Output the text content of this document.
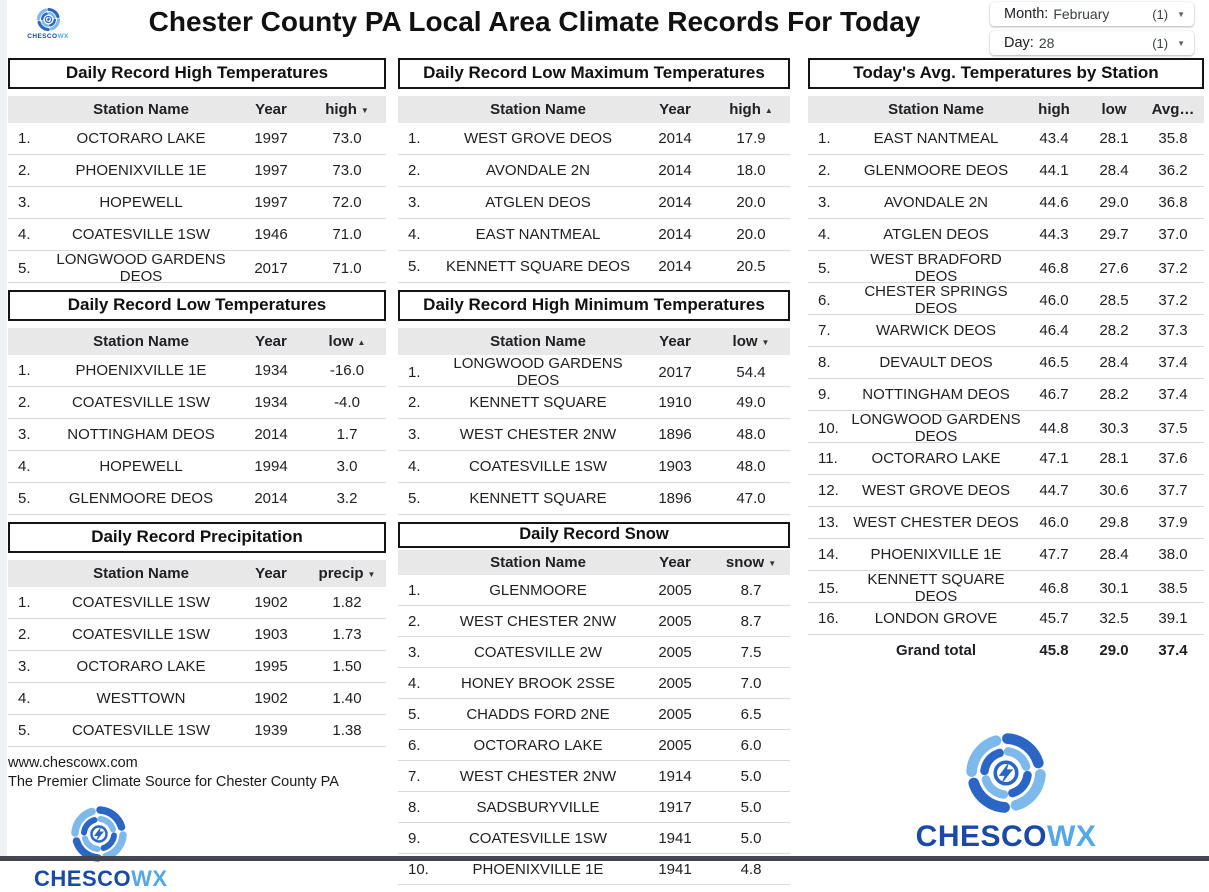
CHESCOWX	Chester County PA Local Area Climate Records For Today	Month: February	(1) ▼
Day: 28	(1) ▼
Daily Record High Temperatures
Station Name	Year	high ▼
1.	OCTORARO LAKE	1997	73.0
2.	PHOENIXVILLE 1E	1997	73.0
3.	HOPEWELL	1997	72.0
4.	COATESVILLE 1SW	1946	71.0
5.	LONGWOOD GARDENS DEOS	2017	71.0
Daily Record Low Temperatures
Station Name	Year	low ▲
1.	PHOENIXVILLE 1E	1934	-16.0
2.	COATESVILLE 1SW	1934	-4.0
3.	NOTTINGHAM DEOS	2014	1.7
4.	HOPEWELL	1994	3.0
5.	GLENMOORE DEOS	2014	3.2
Daily Record Precipitation
Station Name	Year	precip ▼
1.	COATESVILLE 1SW	1902	1.82
2.	COATESVILLE 1SW	1903	1.73
3.	OCTORARO LAKE	1995	1.50
4.	WESTTOWN	1902	1.40
5.	COATESVILLE 1SW	1939	1.38
www.chescowx.com
The Premier Climate Source for Chester County PA
CHESCOWX
Daily Record Low Maximum Temperatures
Station Name	Year	high ▲
1.	WEST GROVE DEOS	2014	17.9
2.	AVONDALE 2N	2014	18.0
3.	ATGLEN DEOS	2014	20.0
4.	EAST NANTMEAL	2014	20.0
5.	KENNETT SQUARE DEOS	2014	20.5
Daily Record High Minimum Temperatures
Station Name	Year	low ▼
1.	LONGWOOD GARDENS DEOS	2017	54.4
2.	KENNETT SQUARE	1910	49.0
3.	WEST CHESTER 2NW	1896	48.0
4.	COATESVILLE 1SW	1903	48.0
5.	KENNETT SQUARE	1896	47.0
Daily Record Snow
Station Name	Year	snow ▼
1.	GLENMOORE	2005	8.7
2.	WEST CHESTER 2NW	2005	8.7
3.	COATESVILLE 2W	2005	7.5
4.	HONEY BROOK 2SSE	2005	7.0
5.	CHADDS FORD 2NE	2005	6.5
6.	OCTORARO LAKE	2005	6.0
7.	WEST CHESTER 2NW	1914	5.0
8.	SADSBURYVILLE	1917	5.0
9.	COATESVILLE 1SW	1941	5.0
10.	PHOENIXVILLE 1E	1941	4.8
Today's Avg. Temperatures by Station
Station Name	high	low	Avg…
1.	EAST NANTMEAL	43.4	28.1	35.8
2.	GLENMOORE DEOS	44.1	28.4	36.2
3.	AVONDALE 2N	44.6	29.0	36.8
4.	ATGLEN DEOS	44.3	29.7	37.0
5.	WEST BRADFORD DEOS	46.8	27.6	37.2
6.	CHESTER SPRINGS DEOS	46.0	28.5	37.2
7.	WARWICK DEOS	46.4	28.2	37.3
8.	DEVAULT DEOS	46.5	28.4	37.4
9.	NOTTINGHAM DEOS	46.7	28.2	37.4
10. LONGWOOD GARDENS DEOS	44.8	30.3	37.5
11.	OCTORARO LAKE	47.1	28.1	37.6
12.	WEST GROVE DEOS	44.7	30.6	37.7
13. WEST CHESTER DEOS	46.0	29.8	37.9
14.	PHOENIXVILLE 1E	47.7	28.4	38.0
15.	KENNETT SQUARE DEOS	46.8	30.1	38.5
16.	LONDON GROVE	45.7	32.5	39.1
Grand total	45.8	29.0	37.4
CHESCOWX
